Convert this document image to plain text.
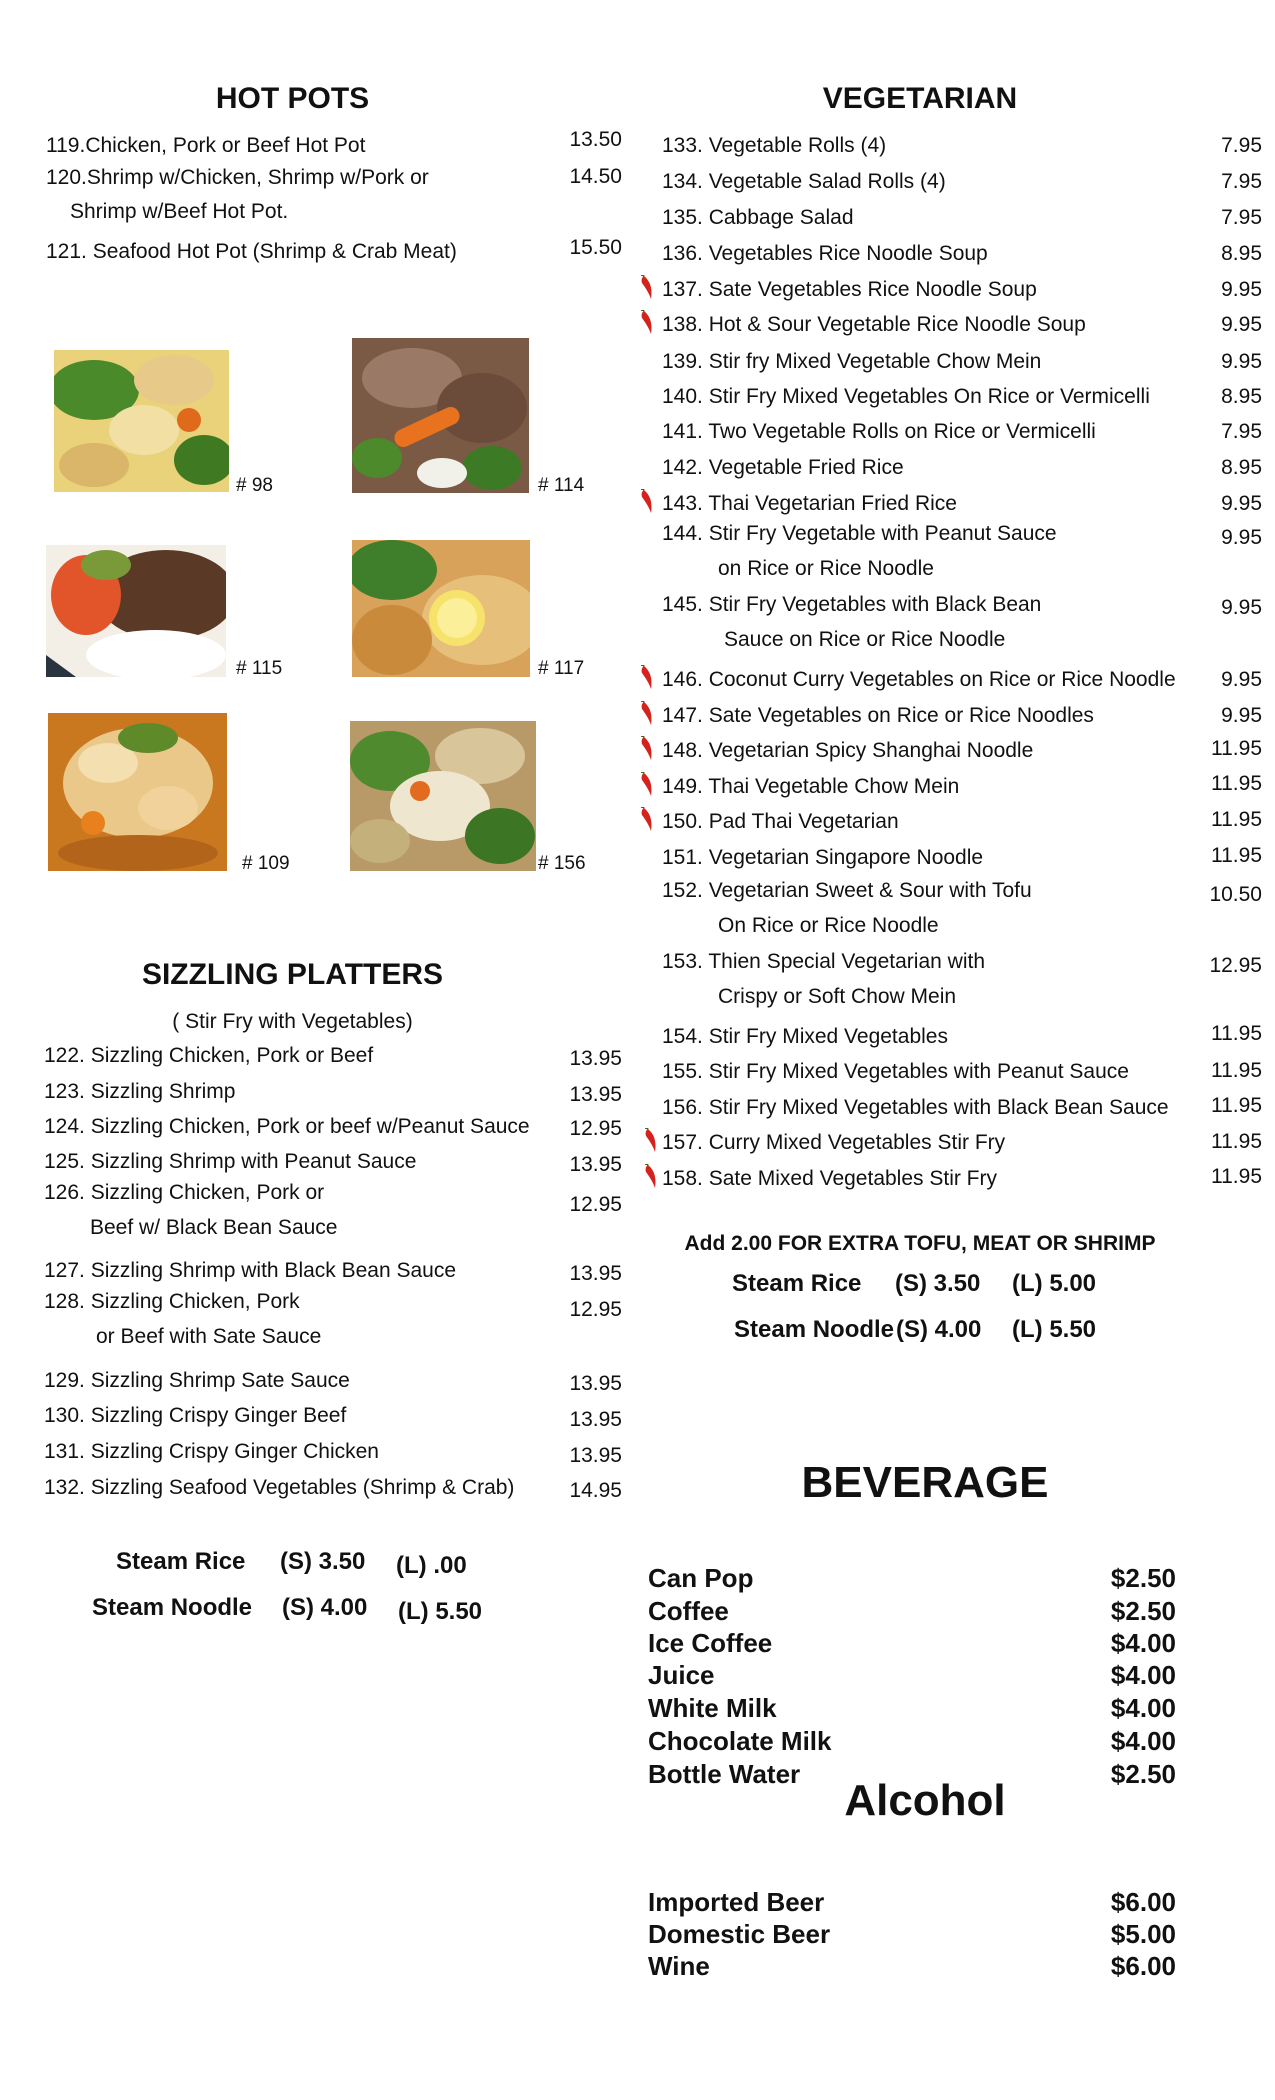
HOT POTS
119.Chicken, Pork or Beef Hot Pot	13.50
120.Shrimp w/Chicken, Shrimp w/Pork or
Shrimp w/Beef Hot Pot.
14.50
121. Seafood Hot Pot (Shrimp & Crab Meat)	15.50
# 98	# 114
# 115	# 117
# 109	# 156
SIZZLING PLATTERS
( Stir Fry with Vegetables)
Steam Rice (S) 3.50 (L) .00
Steam Noodle (S) 4.00 (L) 5.50
VEGETARIAN
Add 2.00 FOR EXTRA TOFU, MEAT OR SHRIMP
Steam Rice (S) 3.50 (L) 5.00
Steam Noodle (S) 4.00 (L) 5.50
BEVERAGE
Alcohol
122. Sizzling Chicken, Pork or Beef	13.95
123. Sizzling Shrimp	13.95
124. Sizzling Chicken, Pork or beef w/Peanut Sauce	12.95
125. Sizzling Shrimp with Peanut Sauce	13.95
126. Sizzling Chicken, Pork or
Beef w/ Black Bean Sauce
12.95
127. Sizzling Shrimp with Black Bean Sauce	13.95
128. Sizzling Chicken, Pork
or Beef with Sate Sauce
12.95
129. Sizzling Shrimp Sate Sauce	13.95
130. Sizzling Crispy Ginger Beef	13.95
131. Sizzling Crispy Ginger Chicken	13.95
132. Sizzling Seafood Vegetables (Shrimp & Crab)	14.95
133. Vegetable Rolls (4)	7.95
134. Vegetable Salad Rolls (4)	7.95
135. Cabbage Salad	7.95
136. Vegetables Rice Noodle Soup	8.95
137. Sate Vegetables Rice Noodle Soup	9.95
138. Hot & Sour Vegetable Rice Noodle Soup	9.95
139. Stir fry Mixed Vegetable Chow Mein	9.95
140. Stir Fry Mixed Vegetables On Rice or Vermicelli	8.95
141. Two Vegetable Rolls on Rice or Vermicelli	7.95
142. Vegetable Fried Rice	8.95
143. Thai Vegetarian Fried Rice	9.95
144. Stir Fry Vegetable with Peanut Sauce
on Rice or Rice Noodle
9.95
145. Stir Fry Vegetables with Black Bean
Sauce on Rice or Rice Noodle
9.95
146. Coconut Curry Vegetables on Rice or Rice Noodle	9.95
147. Sate Vegetables on Rice or Rice Noodles	9.95
148. Vegetarian Spicy Shanghai Noodle	11.95
149. Thai Vegetable Chow Mein	11.95
150. Pad Thai Vegetarian	11.95
151. Vegetarian Singapore Noodle	11.95
152. Vegetarian Sweet & Sour with Tofu
On Rice or Rice Noodle
10.50
153. Thien Special Vegetarian with
Crispy or Soft Chow Mein
12.95
154. Stir Fry Mixed Vegetables	11.95
155. Stir Fry Mixed Vegetables with Peanut Sauce	11.95
156. Stir Fry Mixed Vegetables with Black Bean Sauce	11.95
157. Curry Mixed Vegetables Stir Fry	11.95
158. Sate Mixed Vegetables Stir Fry	11.95
Can Pop	$2.50
Coffee	$2.50
Ice Coffee	$4.00
Juice	$4.00
White Milk	$4.00
Chocolate Milk	$4.00
Bottle Water	$2.50
Imported Beer	$6.00
Domestic Beer	$5.00
Wine	$6.00
